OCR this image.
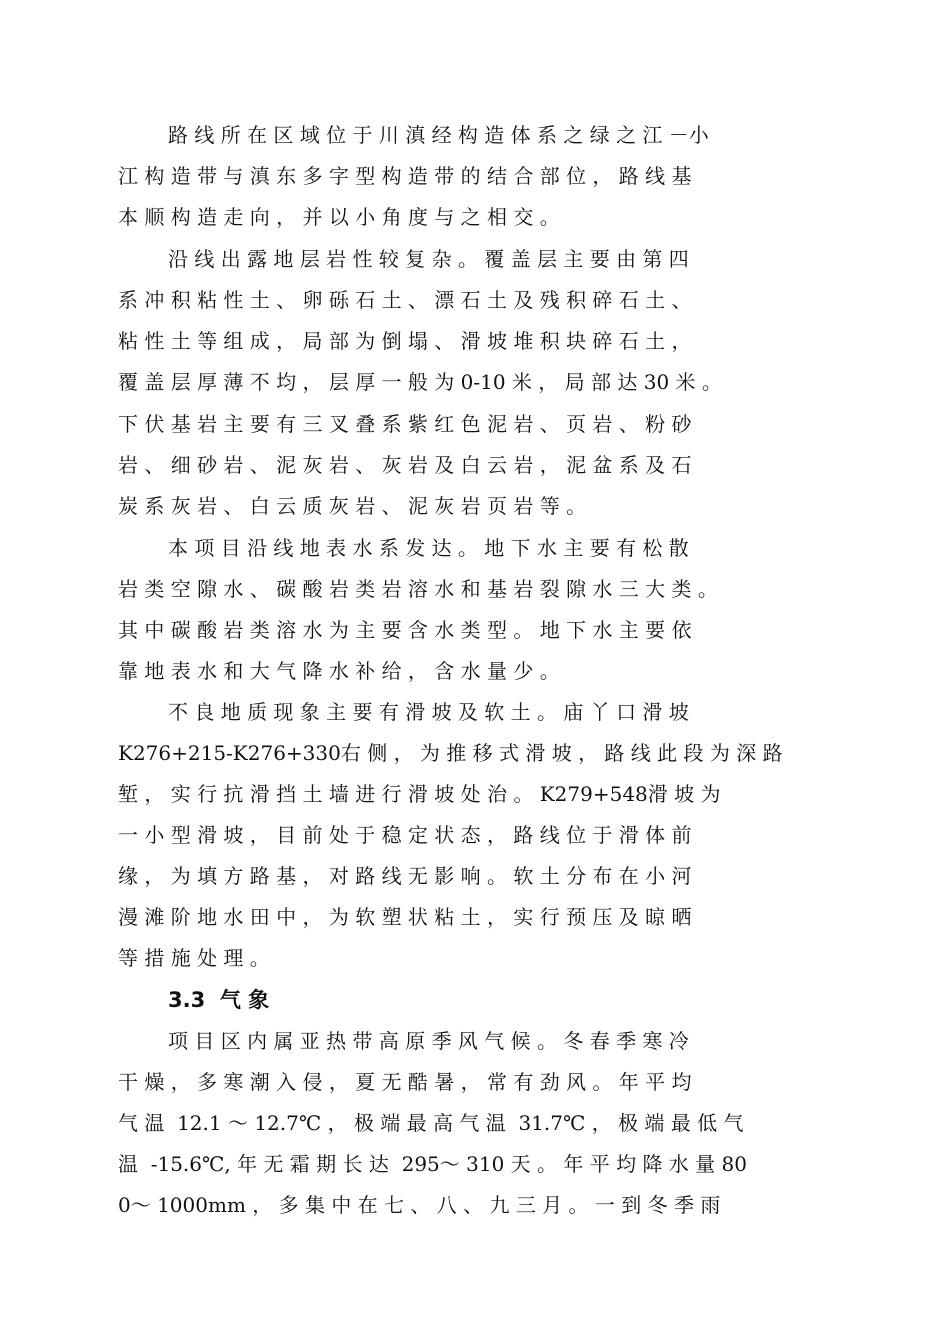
路 线 所 在 区 域 位 于 川 滇 经 构 造 体 系 之 绿 之 江 －小
江 构 造 带 与 滇 东 多 字 型 构 造 带 的 结 合 部 位 ， 路 线 基
本 顺 构 造 走 向 ， 并 以 小 角 度 与 之 相 交 。
沿 线 出 露 地 层 岩 性 较 复 杂 。 覆 盖 层 主 要 由 第 四
系 冲 积 粘 性 土 、 卵 砾 石 土 、 漂 石 土 及 残 积 碎 石 土 、
粘 性 土 等 组 成 ， 局 部 为 倒 塌 、 滑 坡 堆 积 块 碎 石 土 ，
覆 盖 层 厚 薄 不 均 ， 层 厚 一 般 为 0-10 米 ， 局 部 达 30 米 。
下 伏 基 岩 主 要 有 三 叉 叠 系 紫 红 色 泥 岩 、 页 岩 、 粉 砂
岩 、 细 砂 岩 、 泥 灰 岩 、 灰 岩 及 白 云 岩 ， 泥 盆 系 及 石
炭 系 灰 岩 、 白 云 质 灰 岩 、 泥 灰 岩 页 岩 等 。
本 项 目 沿 线 地 表 水 系 发 达 。 地 下 水 主 要 有 松 散
岩 类 空 隙 水 、 碳 酸 岩 类 岩 溶 水 和 基 岩 裂 隙 水 三 大 类 。
其 中 碳 酸 岩 类 溶 水 为 主 要 含 水 类 型 。 地 下 水 主 要 依
靠 地 表 水 和 大 气 降 水 补 给 ， 含 水 量 少 。
不 良 地 质 现 象 主 要 有 滑 坡 及 软 土 。 庙 丫 口 滑 坡
K276+215-K276+330右 侧 ， 为 推 移 式 滑 坡 ， 路 线 此 段 为 深 路
堑 ， 实 行 抗 滑 挡 土 墙 进 行 滑 坡 处 治 。 K279+548滑 坡 为
一 小 型 滑 坡 ， 目 前 处 于 稳 定 状 态 ， 路 线 位 于 滑 体 前
缘 ， 为 填 方 路 基 ， 对 路 线 无 影 响 。 软 土 分 布 在 小 河
漫 滩 阶 地 水 田 中 ， 为 软 塑 状 粘 土 ， 实 行 预 压 及 晾 晒
等 措 施 处 理 。
3.3  气 象
项 目 区 内 属 亚 热 带 高 原 季 风 气 候 。 冬 春 季 寒 冷
干 燥 ， 多 寒 潮 入 侵 ， 夏 无 酷 暑 ， 常 有 劲 风 。 年 平 均
气 温  12.1 ～ 12.7℃ ， 极 端 最 高 气 温  31.7℃ ， 极 端 最 低 气
温  -15.6℃, 年 无 霜 期 长 达  295～ 310 天 。 年 平 均 降 水 量 80
0～ 1000mm ， 多 集 中 在 七 、 八 、 九 三 月 。 一 到 冬 季 雨
